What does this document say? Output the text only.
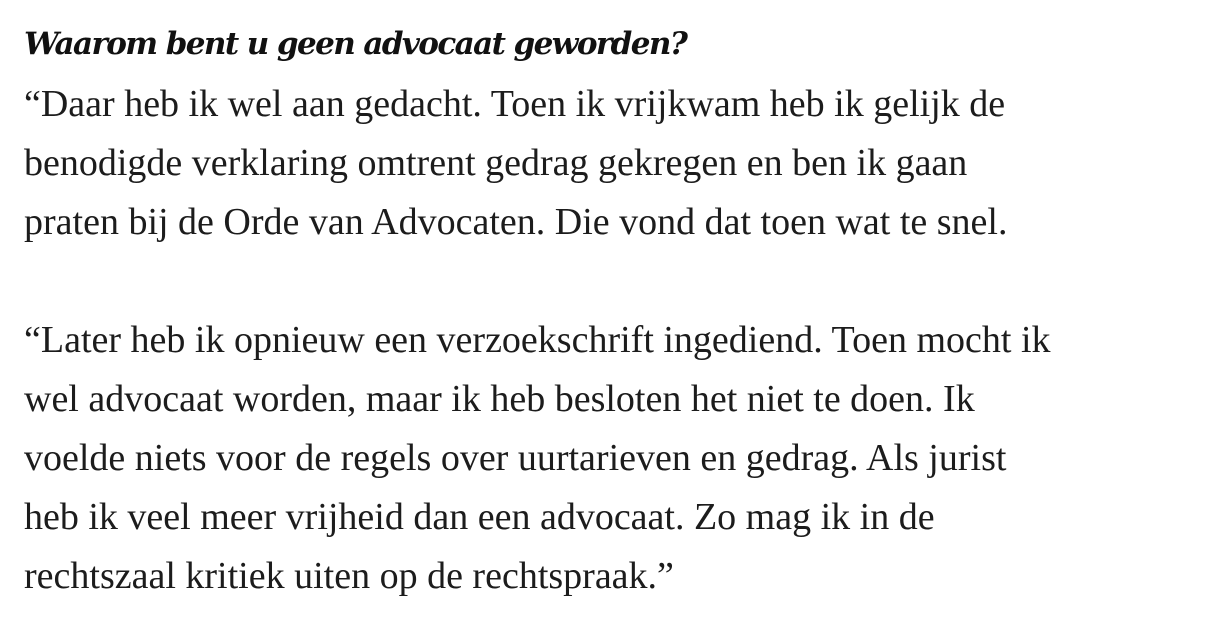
Waarom bent u geen advocaat geworden?

“Daar heb ik wel aan gedacht. Toen ik vrijkwam heb ik gelijk de
benodigde verklaring omtrent gedrag gekregen en ben ik gaan
praten bij de Orde van Advocaten. Die vond dat toen wat te snel.

“Later heb ik opnieuw een verzoekschrift ingediend. Toen mocht ik
wel advocaat worden, maar ik heb besloten het niet te doen. Ik
voelde niets voor de regels over uurtarieven en gedrag. Als jurist
heb ik veel meer vrijheid dan een advocaat. Zo mag ik in de
rechtszaal kritiek uiten op de rechtspraak.”
